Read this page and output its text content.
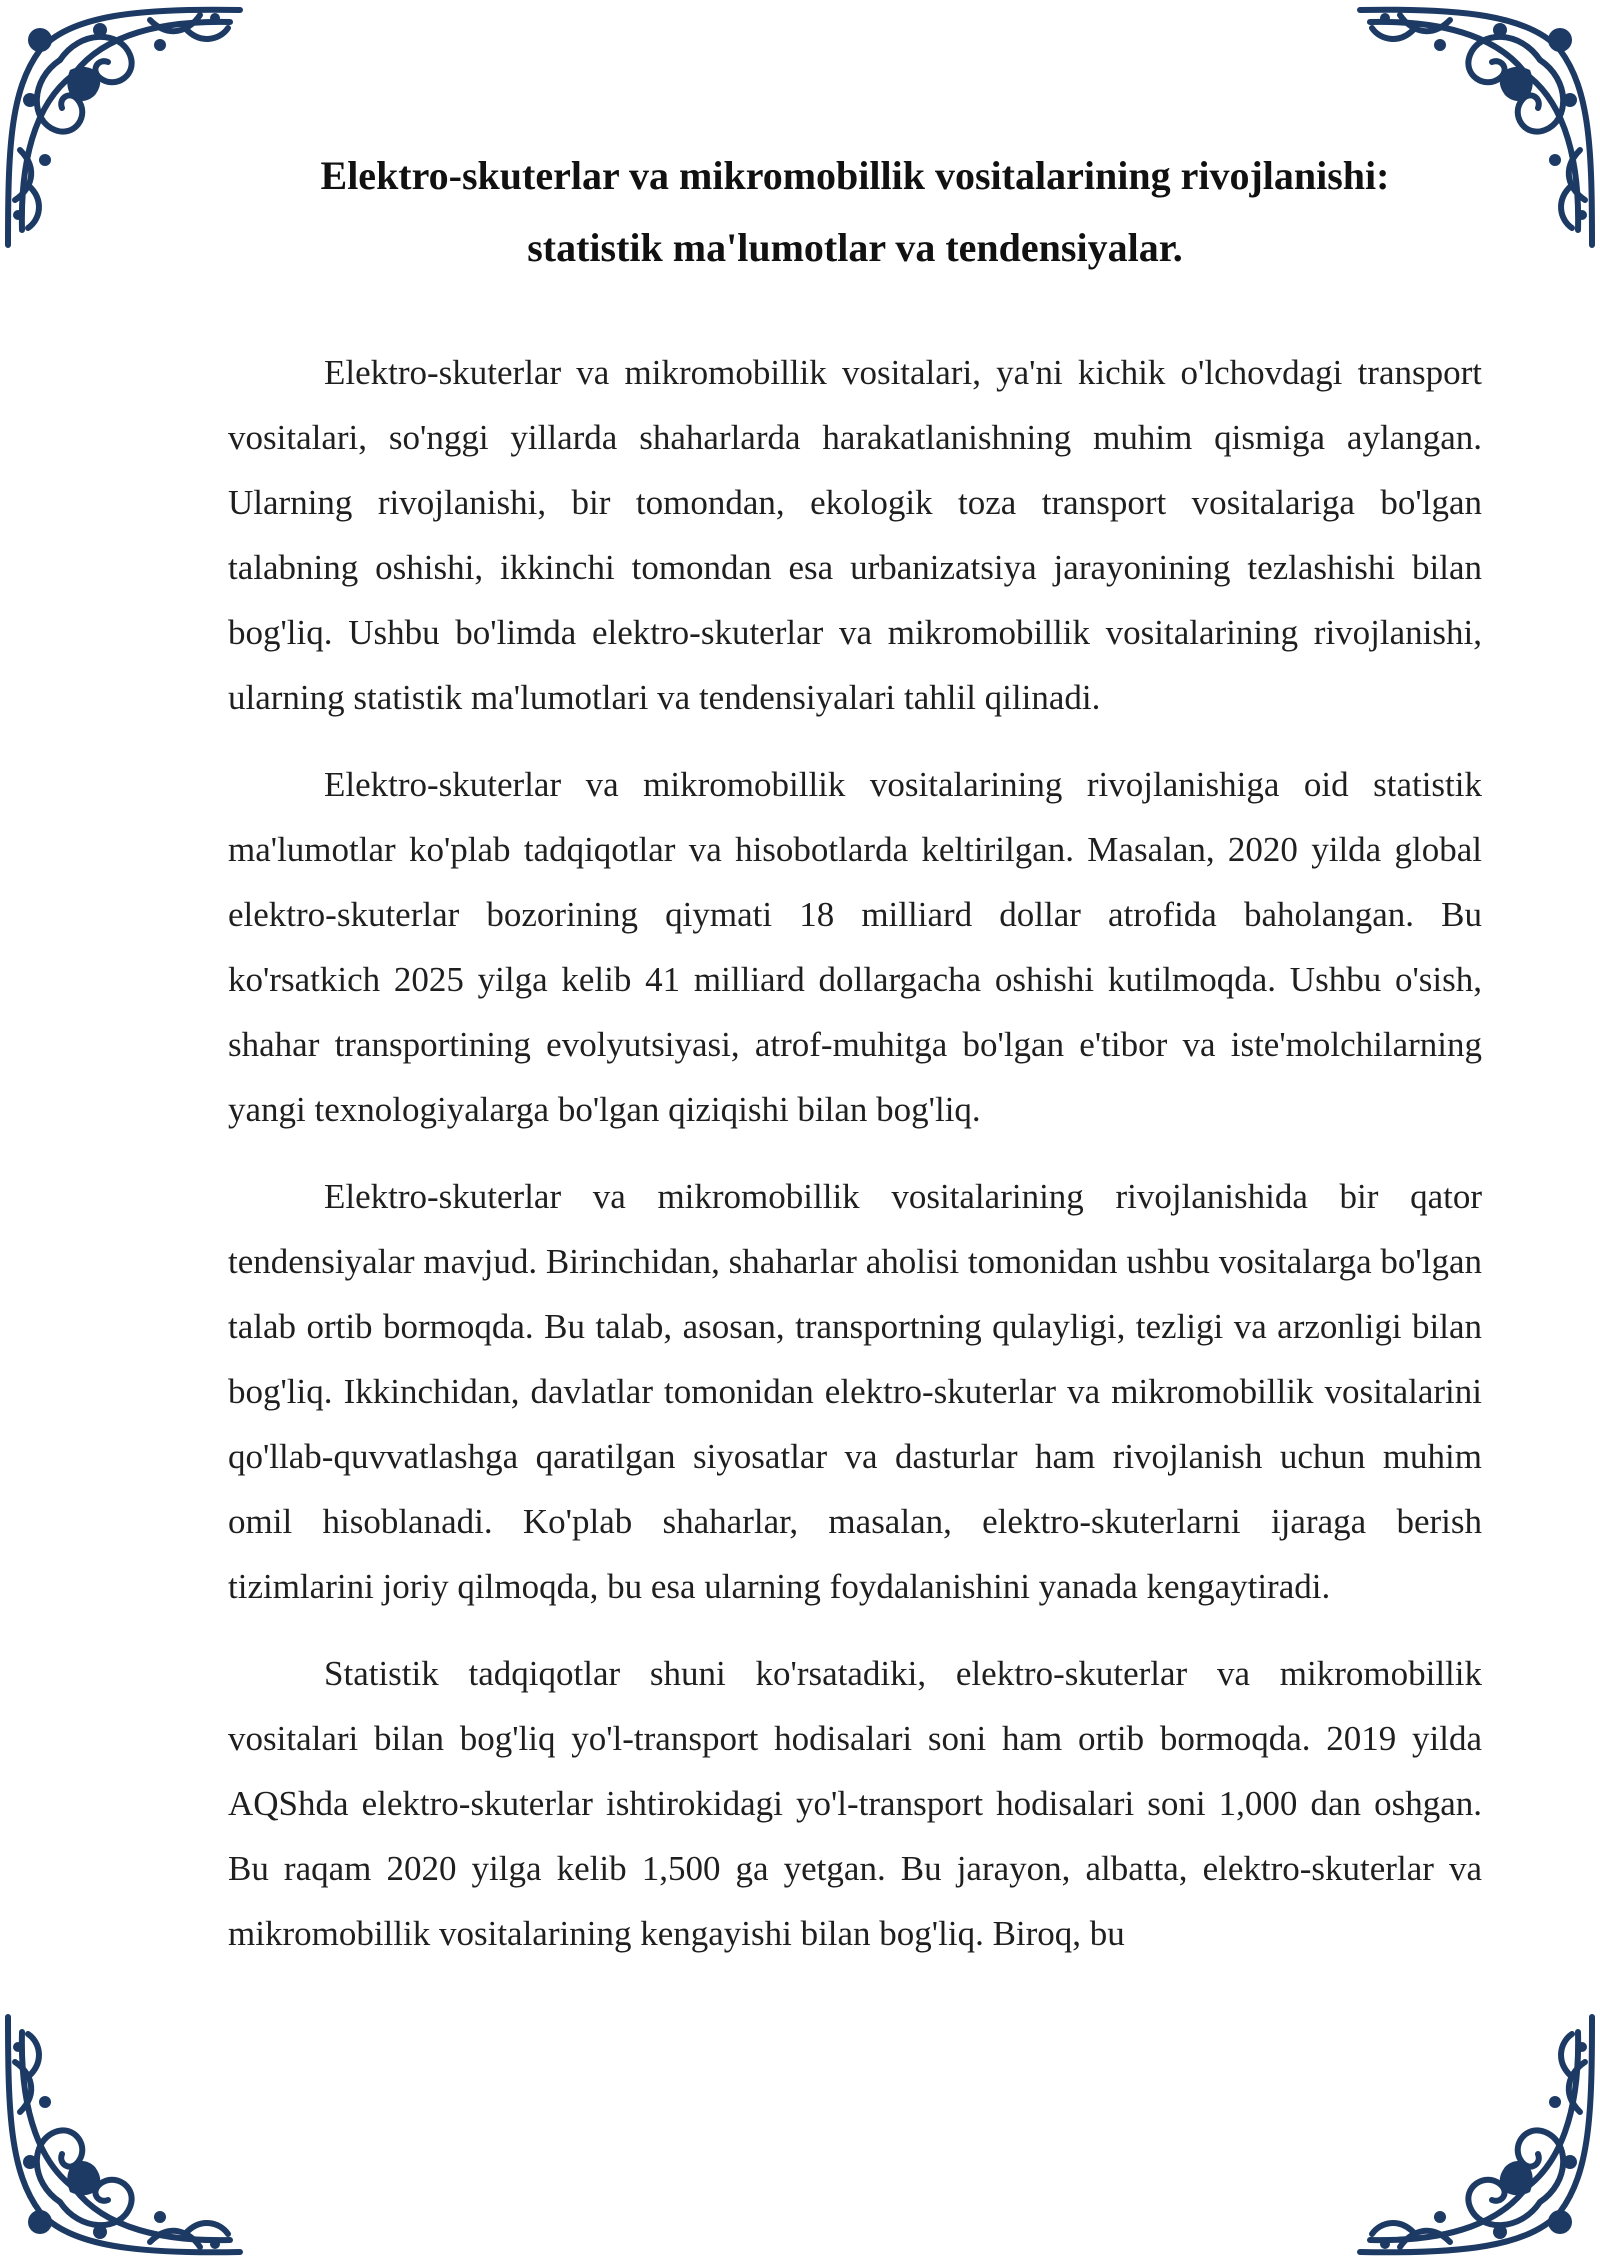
Elektro-skuterlar va mikromobillik vositalarining rivojlanishi:
statistik ma'lumotlar va tendensiyalar.

Elektro-skuterlar va mikromobillik vositalari, ya'ni kichik o'lchovdagi transport vositalari, so'nggi yillarda shaharlarda harakatlanishning muhim qismiga aylangan. Ularning rivojlanishi, bir tomondan, ekologik toza transport vositalariga bo'lgan talabning oshishi, ikkinchi tomondan esa urbanizatsiya jarayonining tezlashishi bilan bog'liq. Ushbu bo'limda elektro-skuterlar va mikromobillik vositalarining rivojlanishi, ularning statistik ma'lumotlari va tendensiyalari tahlil qilinadi.

Elektro-skuterlar va mikromobillik vositalarining rivojlanishiga oid statistik ma'lumotlar ko'plab tadqiqotlar va hisobotlarda keltirilgan. Masalan, 2020 yilda global elektro-skuterlar bozorining qiymati 18 milliard dollar atrofida baholangan. Bu ko'rsatkich 2025 yilga kelib 41 milliard dollargacha oshishi kutilmoqda. Ushbu o'sish, shahar transportining evolyutsiyasi, atrof-muhitga bo'lgan e'tibor va iste'molchilarning yangi texnologiyalarga bo'lgan qiziqishi bilan bog'liq.

Elektro-skuterlar va mikromobillik vositalarining rivojlanishida bir qator tendensiyalar mavjud. Birinchidan, shaharlar aholisi tomonidan ushbu vositalarga bo'lgan talab ortib bormoqda. Bu talab, asosan, transportning qulayligi, tezligi va arzonligi bilan bog'liq. Ikkinchidan, davlatlar tomonidan elektro-skuterlar va mikromobillik vositalarini qo'llab-quvvatlashga qaratilgan siyosatlar va dasturlar ham rivojlanish uchun muhim omil hisoblanadi. Ko'plab shaharlar, masalan, elektro-skuterlarni ijaraga berish tizimlarini joriy qilmoqda, bu esa ularning foydalanishini yanada kengaytiradi.

Statistik tadqiqotlar shuni ko'rsatadiki, elektro-skuterlar va mikromobillik vositalari bilan bog'liq yo'l-transport hodisalari soni ham ortib bormoqda. 2019 yilda AQShda elektro-skuterlar ishtirokidagi yo'l-transport hodisalari soni 1,000 dan oshgan. Bu raqam 2020 yilga kelib 1,500 ga yetgan. Bu jarayon, albatta, elektro-skuterlar va mikromobillik vositalarining kengayishi bilan bog'liq. Biroq, bu
